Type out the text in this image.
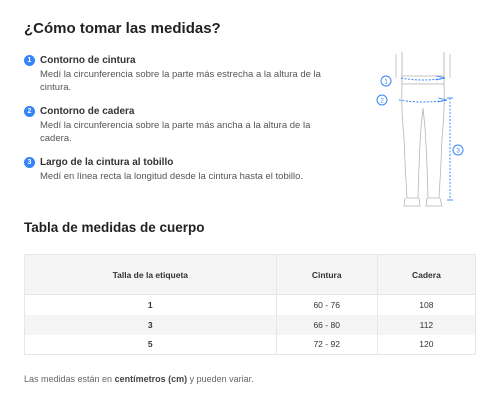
¿Cómo tomar las medidas?
1 Contorno de cintura
Medí la circunferencia sobre la parte más estrecha a la altura de la cintura.
2 Contorno de cadera
Medí la circunferencia sobre la parte más ancha a la altura de la cadera.
3 Largo de la cintura al tobillo
Medí en línea recta la longitud desde la cintura hasta el tobillo.
1
2
3
Tabla de medidas de cuerpo
Talla de la etiqueta	Cintura	Cadera
1	60 - 76	108
3	66 - 80	112
5	72 - 92	120
Las medidas están en centímetros (cm) y pueden variar.
